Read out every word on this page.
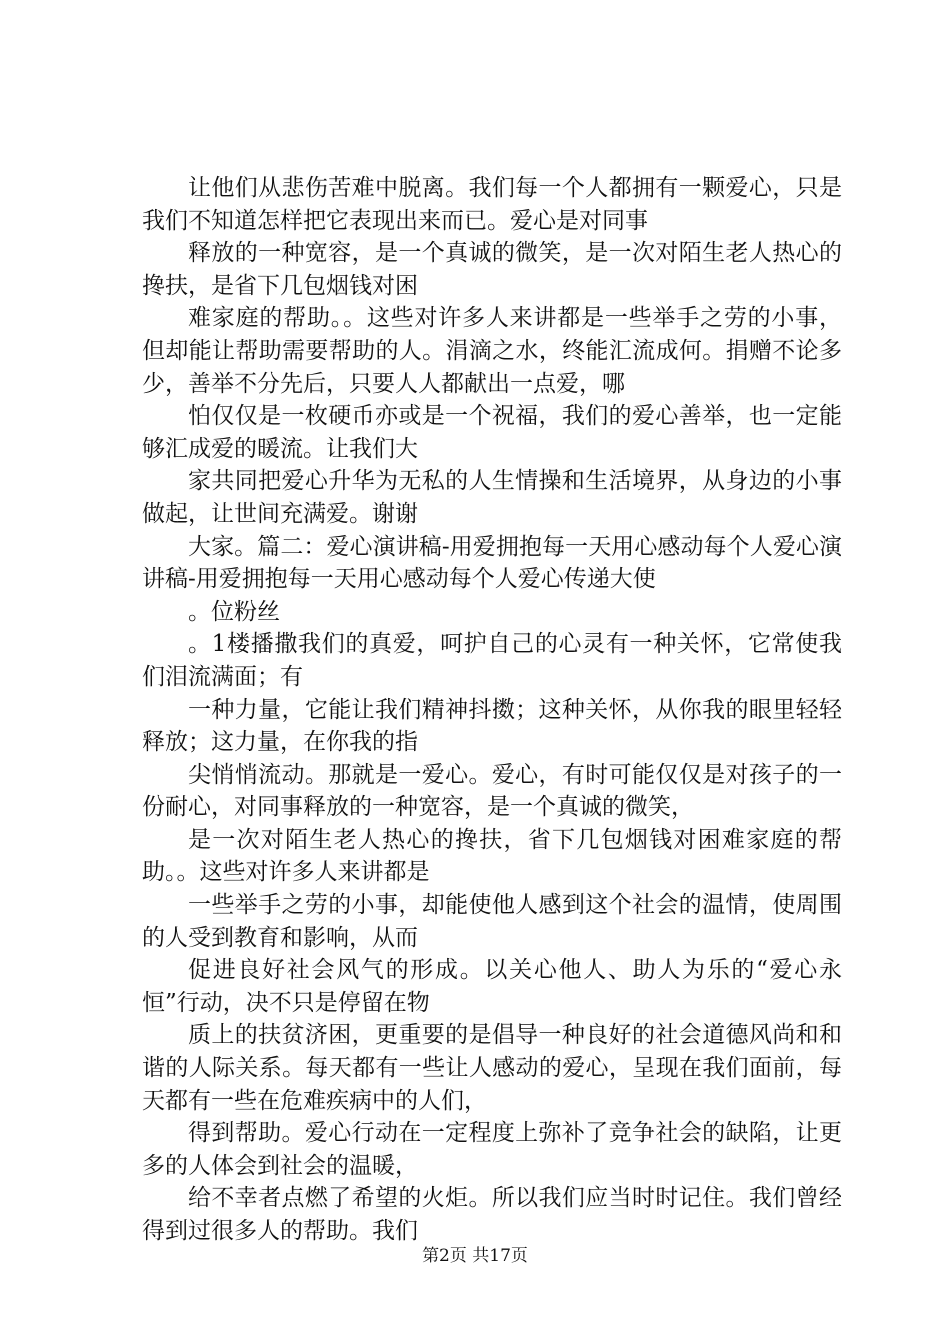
让他们从悲伤苦难中脱离。我们每一个人都拥有一颗爱心，只是我们不知道怎样把它表现出来而已。爱心是对同事

释放的一种宽容，是一个真诚的微笑，是一次对陌生老人热心的搀扶，是省下几包烟钱对困

难家庭的帮助。。这些对许多人来讲都是一些举手之劳的小事，但却能让帮助需要帮助的人。涓滴之水，终能汇流成何。捐赠不论多少，善举不分先后，只要人人都献出一点爱，哪

怕仅仅是一枚硬币亦或是一个祝福，我们的爱心善举，也一定能够汇成爱的暖流。让我们大

家共同把爱心升华为无私的人生情操和生活境界，从身边的小事做起，让世间充满爱。谢谢

大家。篇二：爱心演讲稿-用爱拥抱每一天用心感动每个人爱心演讲稿-用爱拥抱每一天用心感动每个人爱心传递大使

。位粉丝

。1楼播撒我们的真爱，呵护自己的心灵有一种关怀，它常使我们泪流满面；有

一种力量，它能让我们精神抖擞；这种关怀，从你我的眼里轻轻释放；这力量，在你我的指

尖悄悄流动。那就是一爱心。爱心，有时可能仅仅是对孩子的一份耐心，对同事释放的一种宽容，是一个真诚的微笑，

是一次对陌生老人热心的搀扶，省下几包烟钱对困难家庭的帮助。。这些对许多人来讲都是

一些举手之劳的小事，却能使他人感到这个社会的温情，使周围的人受到教育和影响，从而

促进良好社会风气的形成。以关心他人、助人为乐的“爱心永恒”行动，决不只是停留在物

质上的扶贫济困，更重要的是倡导一种良好的社会道德风尚和和谐的人际关系。每天都有一些让人感动的爱心，呈现在我们面前，每天都有一些在危难疾病中的人们，

得到帮助。爱心行动在一定程度上弥补了竞争社会的缺陷，让更多的人体会到社会的温暖，

给不幸者点燃了希望的火炬。所以我们应当时时记住。我们曾经得到过很多人的帮助。我们

第2页 共17页
